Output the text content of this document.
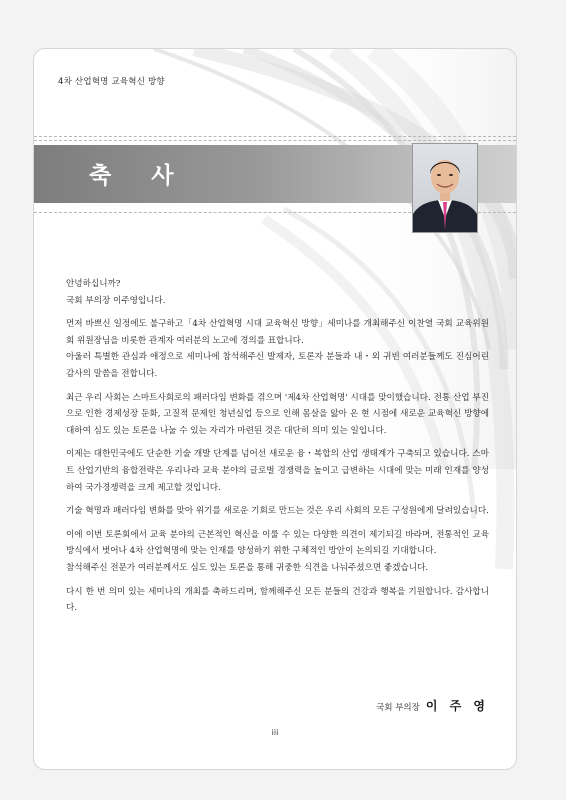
4차 산업혁명 교육혁신 방향
축 사

안녕하십니까?
국회 부의장 이주영입니다.

먼저 바쁘신 일정에도 불구하고「4차 산업혁명 시대 교육혁신 방향」세미나를 개최해주신 이찬열 국회 교육위원회 위원장님을 비롯한 관계자 여러분의 노고에 경의를 표합니다.
아울러 특별한 관심과 애정으로 세미나에 참석해주신 발제자, 토론자 분들과 내・외 귀빈 여러분들께도 진심어린 감사의 말씀을 전합니다.

최근 우리 사회는 스마트사회로의 패러다임 변화를 겪으며 '제4차 산업혁명' 시대를 맞이했습니다. 전통 산업 부진으로 인한 경제성장 둔화, 고질적 문제인 청년실업 등으로 인해 몸살을 앓아 온 현 시점에 새로운 교육혁신 방향에 대하여 심도 있는 토론을 나눌 수 있는 자리가 마련된 것은 대단히 의미 있는 일입니다.

이제는 대한민국에도 단순한 기술 개발 단계를 넘어선 새로운 융・복합의 산업 생태계가 구축되고 있습니다. 스마트 산업기반의 융합전략은 우리나라 교육 분야의 글로벌 경쟁력을 높이고 급변하는 시대에 맞는 미래 인재를 양성하여 국가경쟁력을 크게 제고할 것입니다.

기술 혁명과 패러다임 변화를 맞아 위기를 새로운 기회로 만드는 것은 우리 사회의 모든 구성원에게 달려있습니다.

이에 이번 토론회에서 교육 분야의 근본적인 혁신을 이룰 수 있는 다양한 의견이 제기되길 바라며, 전통적인 교육방식에서 벗어나 4차 산업혁명에 맞는 인재를 양성하기 위한 구체적인 방안이 논의되길 기대합니다.
참석해주신 전문가 여러분께서도 심도 있는 토론을 통해 귀중한 식견을 나눠주셨으면 좋겠습니다.

다시 한 번 의미 있는 세미나의 개최를 축하드리며, 함께해주신 모든 분들의 건강과 행복을 기원합니다. 감사합니다.

국회 부의장 이 주 영
iii
